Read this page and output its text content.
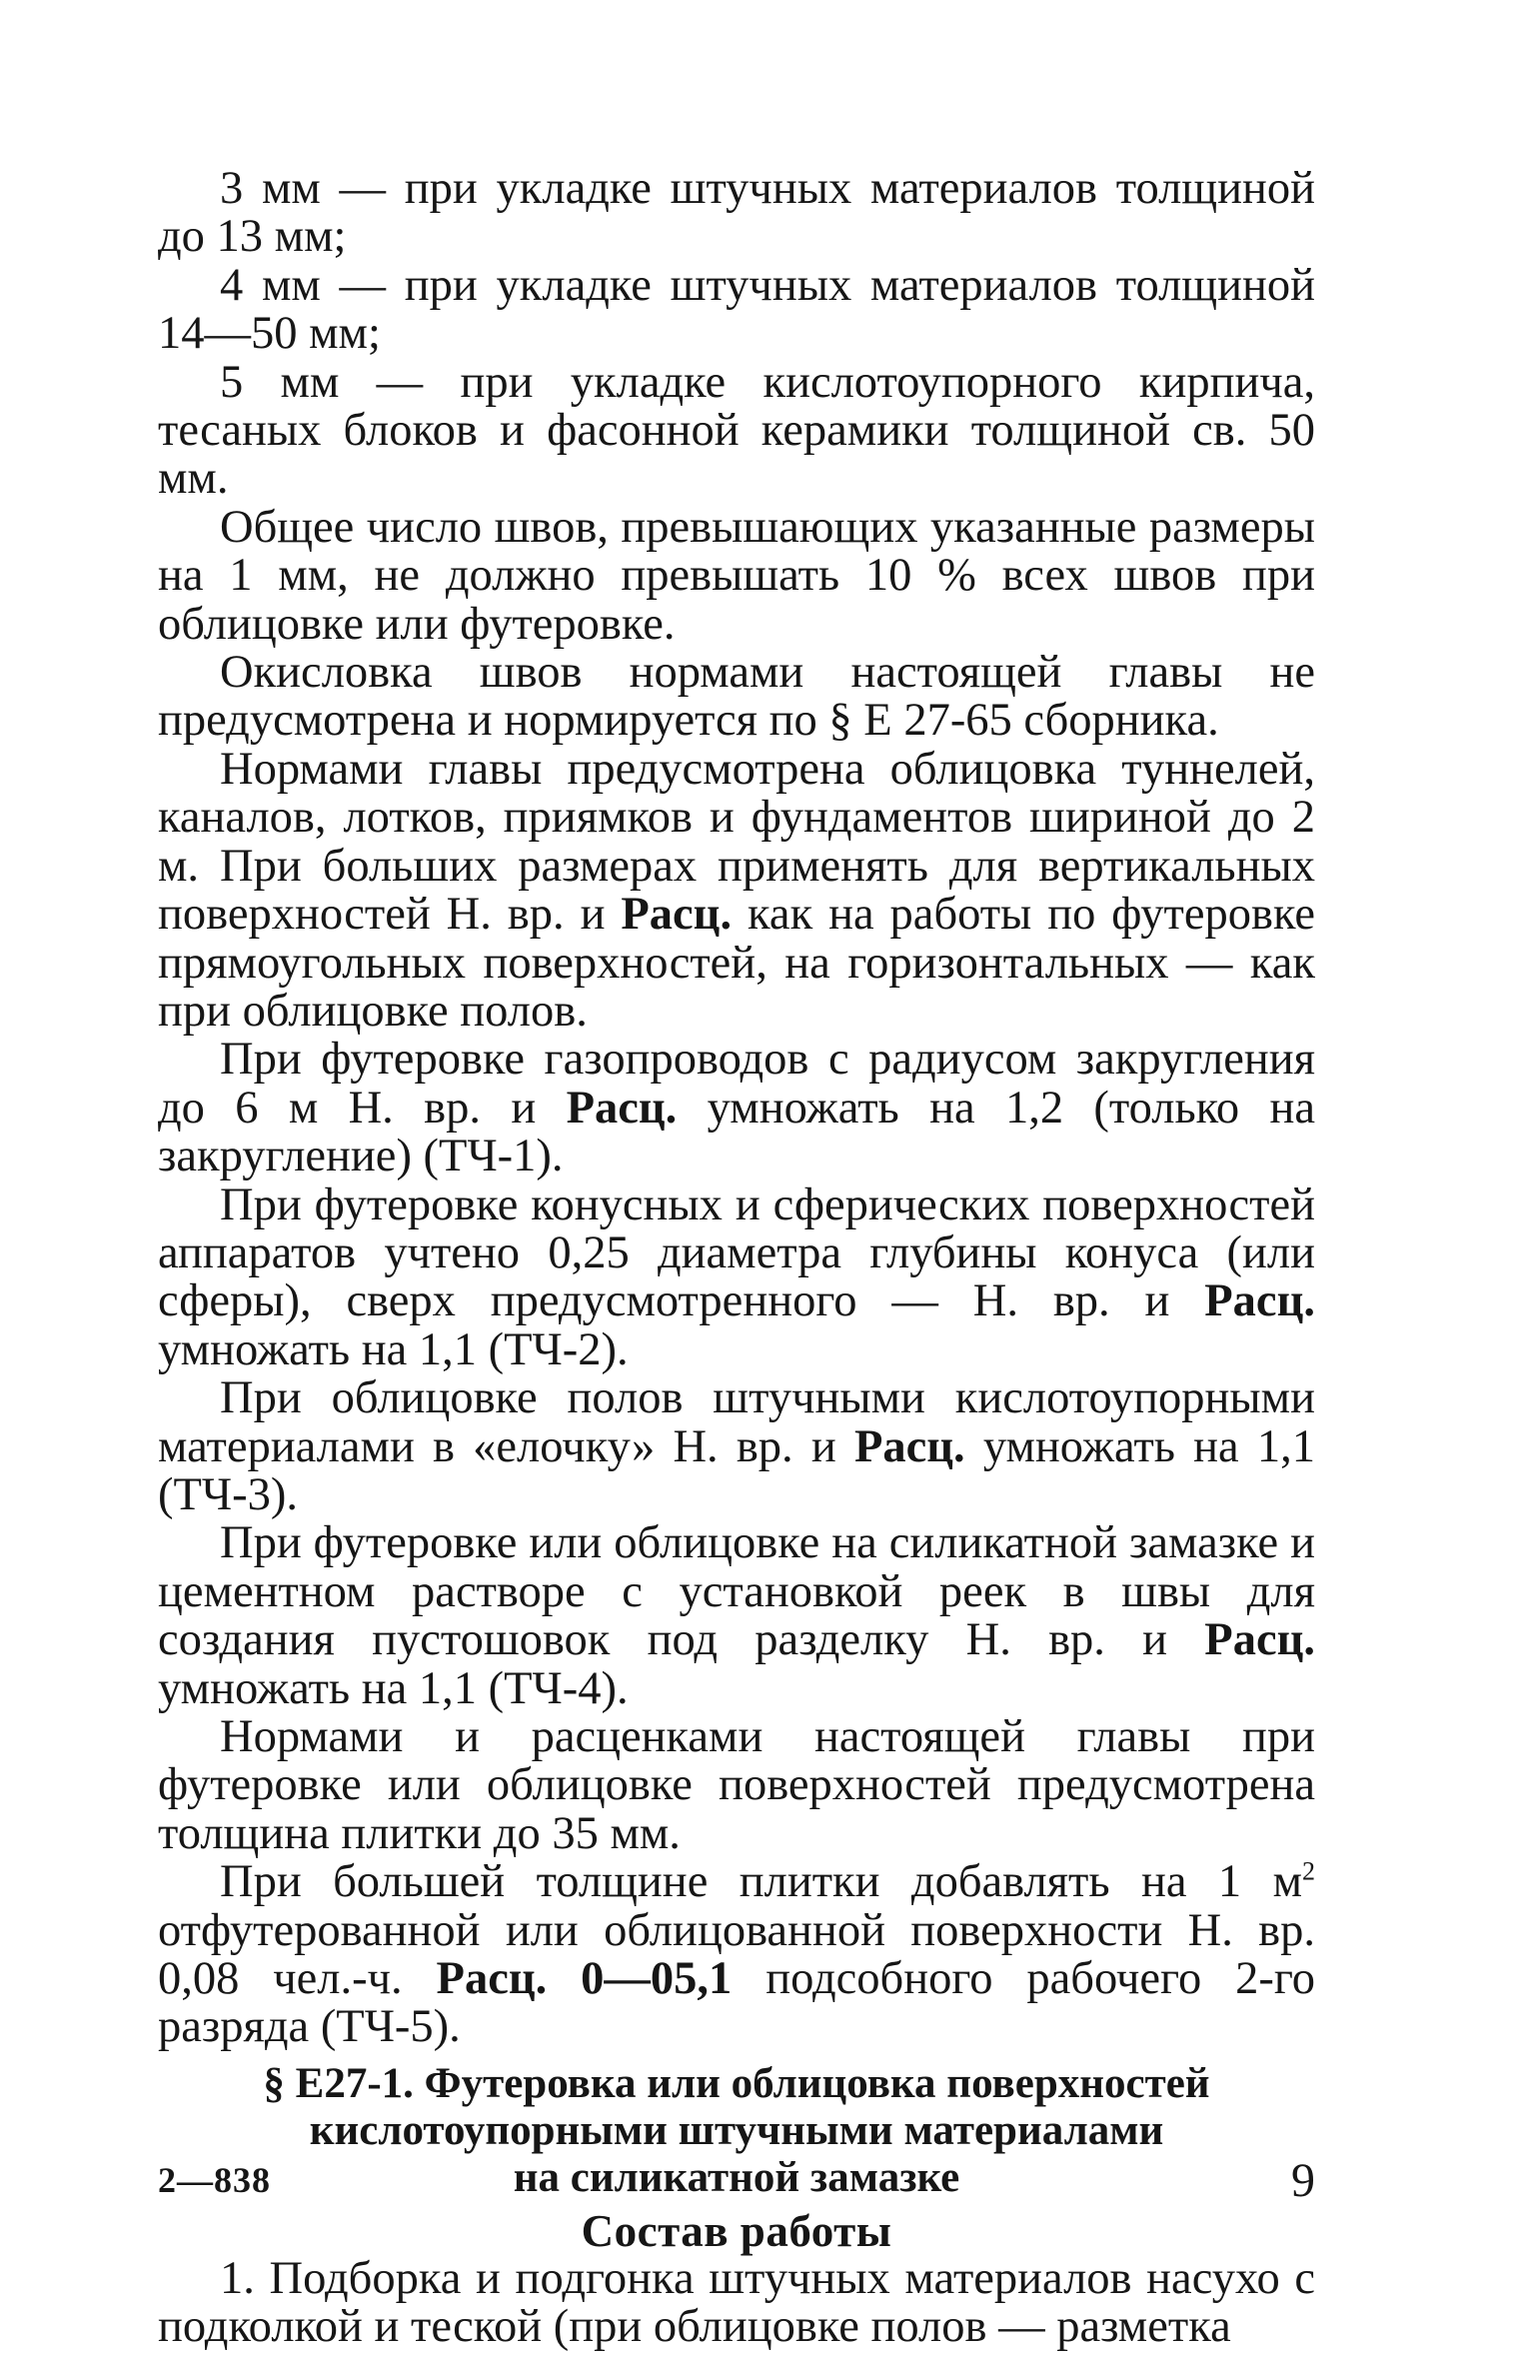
3 мм — при укладке штучных материалов толщиной до 13 мм;

4 мм — при укладке штучных материалов толщиной 14—50 мм;

5 мм — при укладке кислотоупорного кирпича, тесаных блоков и фасонной керамики толщиной св. 50 мм.

Общее число швов, превышающих указанные размеры на 1 мм, не должно превышать 10 % всех швов при облицовке или футеровке.

Окисловка швов нормами настоящей главы не предусмотрена и нормируется по § Е 27-65 сборника.

Нормами главы предусмотрена облицовка туннелей, каналов, лотков, приямков и фундаментов шириной до 2 м. При больших размерах применять для вертикальных поверхностей Н. вр. и Расц. как на работы по футеровке прямоугольных поверхностей, на горизонтальных — как при облицовке полов.

При футеровке газопроводов с радиусом закругления до 6 м Н. вр. и Расц. умножать на 1,2 (только на закругление) (ТЧ-1).

При футеровке конусных и сферических поверхностей аппаратов учтено 0,25 диаметра глубины конуса (или сферы), сверх предусмотренного — Н. вр. и Расц. умножать на 1,1 (ТЧ-2).

При облицовке полов штучными кислотоупорными материалами в «елочку» Н. вр. и Расц. умножать на 1,1 (ТЧ-3).

При футеровке или облицовке на силикатной замазке и цементном растворе с установкой реек в швы для создания пустошовок под разделку Н. вр. и Расц. умножать на 1,1 (ТЧ-4).

Нормами и расценками настоящей главы при футеровке или облицовке поверхностей предусмотрена толщина плитки до 35 мм.

При большей толщине плитки добавлять на 1 $м^2$ отфутерованной или облицованной поверхности Н. вр. 0,08 чел.-ч. Расц. 0—05,1 подсобного рабочего 2-го разряда (ТЧ-5).

§ Е27-1. Футеровка или облицовка поверхностей
кислотоупорными штучными материалами
на силикатной замазке
Состав работы

1. Подборка и подгонка штучных материалов насухо с подколкой и теской (при облицовке полов — разметка

2—838	9
